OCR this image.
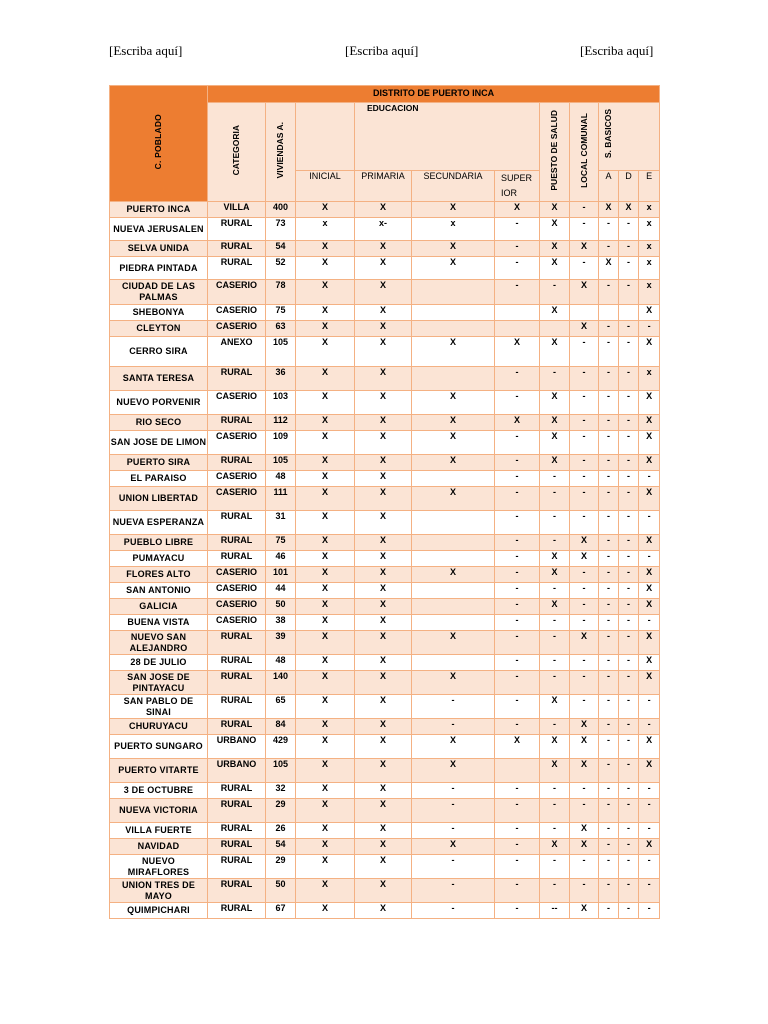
[Escriba aquí]	[Escriba aquí]	[Escriba aquí]
C. POBLADO	DISTRITO DE PUERTO INCA										
	CATEGORIA	VIVIENDAS A.		EDUCACION			PUESTO DE SALUD	LOCAL COMUNAL	S. BASICOS		
			INICIAL	PRIMARIA	SECUNDARIA	SUPER IOR			A	D	E
PUERTO INCA	VILLA	400	X	X	X	X	X	-	X	X	x
NUEVA JERUSALEN	RURAL	73	x	x-	x	-	X	-	-	-	x
SELVA UNIDA	RURAL	54	X	X	X	-	X	X	-	-	x
PIEDRA PINTADA	RURAL	52	X	X	X	-	X	-	X	-	x
CIUDAD DE LAS PALMAS	CASERIO	78	X	X		-	-	X	-	-	x
SHEBONYA	CASERIO	75	X	X			X				X
CLEYTON	CASERIO	63	X	X				X	-	-	-
CERRO SIRA	ANEXO	105	X	X	X	X	X	-	-	-	X
SANTA TERESA	RURAL	36	X	X		-	-	-	-	-	x
NUEVO PORVENIR	CASERIO	103	X	X	X	-	X	-	-	-	X
RIO SECO	RURAL	112	X	X	X	X	X	-	-	-	X
SAN JOSE DE LIMON	CASERIO	109	X	X	X	-	X	-	-	-	X
PUERTO SIRA	RURAL	105	X	X	X	-	X	-	-	-	X
EL PARAISO	CASERIO	48	X	X		-	-	-	-	-	-
UNION LIBERTAD	CASERIO	111	X	X	X	-	-	-	-	-	X
NUEVA ESPERANZA	RURAL	31	X	X		-	-	-	-	-	-
PUEBLO LIBRE	RURAL	75	X	X		-	-	X	-	-	X
PUMAYACU	RURAL	46	X	X		-	X	X	-	-	-
FLORES ALTO	CASERIO	101	X	X	X	-	X	-	-	-	X
SAN ANTONIO	CASERIO	44	X	X		-	-	-	-	-	X
GALICIA	CASERIO	50	X	X		-	X	-	-	-	X
BUENA VISTA	CASERIO	38	X	X		-	-	-	-	-	-
NUEVO SAN ALEJANDRO	RURAL	39	X	X	X	-	-	X	-	-	X
28 DE JULIO	RURAL	48	X	X		-	-	-	-	-	X
SAN JOSE DE PINTAYACU	RURAL	140	X	X	X	-	-	-	-	-	X
SAN PABLO DE SINAI	RURAL	65	X	X	-	-	X	-	-	-	-
CHURUYACU	RURAL	84	X	X	-	-	-	X	-	-	-
PUERTO SUNGARO	URBANO	429	X	X	X	X	X	X	-	-	X
PUERTO VITARTE	URBANO	105	X	X	X		X	X	-	-	X
3 DE OCTUBRE	RURAL	32	X	X	-	-	-	-	-	-	-
NUEVA VICTORIA	RURAL	29	X	X	-	-	-	-	-	-	-
VILLA FUERTE	RURAL	26	X	X	-	-	-	X	-	-	-
NAVIDAD	RURAL	54	X	X	X	-	X	X	-	-	X
NUEVO MIRAFLORES	RURAL	29	X	X	-	-	-	-	-	-	-
UNION TRES DE MAYO	RURAL	50	X	X	-	-	-	-	-	-	-
QUIMPICHARI	RURAL	67	X	X	-	-	--	X	-	-	-
